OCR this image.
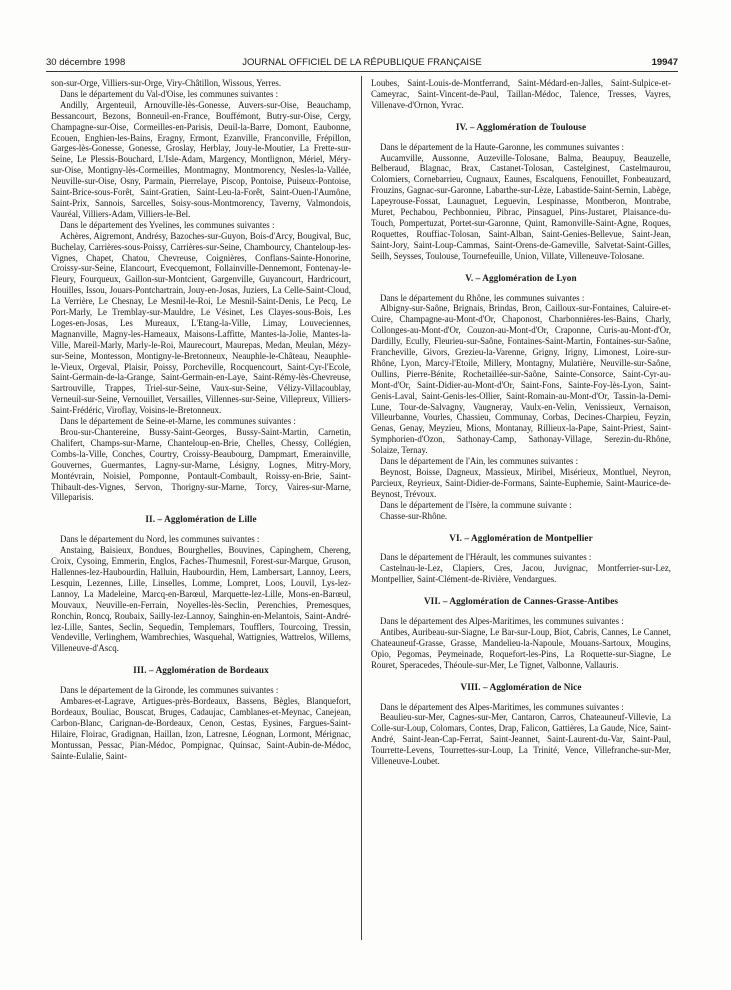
30 décembre 1998	JOURNAL OFFICIEL DE LA RÉPUBLIQUE FRANÇAISE	19947

son-sur-Orge, Villiers-sur-Orge, Viry-Châtillon, Wissous, Yerres.

Dans le département du Val-d'Oise, les communes suivantes :

Andilly, Argenteuil, Arnouville-lès-Gonesse, Auvers-sur-Oise, Beauchamp, Bessancourt, Bezons, Bonneuil-en-France, Bouffémont, Butry-sur-Oise, Cergy, Champagne-sur-Oise, Cormeilles-en-Parisis, Deuil-la-Barre, Domont, Eaubonne, Ecouen, Enghien-les-Bains, Eragny, Ermont, Ezanville, Franconville, Frépillon, Garges-lès-Gonesse, Gonesse, Groslay, Herblay, Jouy-le-Moutier, La Frette-sur-Seine, Le Plessis-Bouchard, L'Isle-Adam, Margency, Montlignon, Mériel, Méry-sur-Oise, Montigny-lès-Cormeilles, Montmagny, Montmorency, Nesles-la-Vallée, Neuville-sur-Oise, Osny, Parmain, Pierrelaye, Piscop, Pontoise, Puiseux-Pontoise, Saint-Brice-sous-Forêt, Saint-Gratien, Saint-Leu-la-Forêt, Saint-Ouen-l'Aumône, Saint-Prix, Sannois, Sarcelles, Soisy-sous-Montmorency, Taverny, Valmondois, Vauréal, Villiers-Adam, Villiers-le-Bel.

Dans le département des Yvelines, les communes suivantes :

Achères, Aigremont, Andrésy, Bazoches-sur-Guyon, Bois-d'Arcy, Bougival, Buc, Buchelay, Carrières-sous-Poissy, Carrières-sur-Seine, Chambourcy, Chanteloup-les-Vignes, Chapet, Chatou, Chevreuse, Coignières, Conflans-Sainte-Honorine, Croissy-sur-Seine, Elancourt, Evecquemont, Follainville-Dennemont, Fontenay-le-Fleury, Fourqueux, Gaillon-sur-Montcient, Gargenville, Guyancourt, Hardricourt, Houilles, Issou, Jouars-Pontchartrain, Jouy-en-Josas, Juziers, La Celle-Saint-Cloud, La Verrière, Le Chesnay, Le Mesnil-le-Roi, Le Mesnil-Saint-Denis, Le Pecq, Le Port-Marly, Le Tremblay-sur-Mauldre, Le Vésinet, Les Clayes-sous-Bois, Les Loges-en-Josas, Les Mureaux, L'Etang-la-Ville, Limay, Louveciennes, Magnanville, Magny-les-Hameaux, Maisons-Laffitte, Mantes-la-Jolie, Mantes-la-Ville, Mareil-Marly, Marly-le-Roi, Maurecourt, Maurepas, Medan, Meulan, Mézy-sur-Seine, Montesson, Montigny-le-Bretonneux, Neauphle-le-Château, Neauphle-le-Vieux, Orgeval, Plaisir, Poissy, Porcheville, Rocquencourt, Saint-Cyr-l'Ecole, Saint-Germain-de-la-Grange, Saint-Germain-en-Laye, Saint-Rémy-lès-Chevreuse, Sartrouville, Trappes, Triel-sur-Seine, Vaux-sur-Seine, Vélizy-Villacoublay, Verneuil-sur-Seine, Vernouillet, Versailles, Villennes-sur-Seine, Villepreux, Villiers-Saint-Frédéric, Viroflay, Voisins-le-Bretonneux.

Dans le département de Seine-et-Marne, les communes suivantes :

Brou-sur-Chantereine, Bussy-Saint-Georges, Bussy-Saint-Martin, Carnetin, Chalifert, Champs-sur-Marne, Chanteloup-en-Brie, Chelles, Chessy, Collégien, Combs-la-Ville, Conches, Courtry, Croissy-Beaubourg, Dampmart, Emerainville, Gouvernes, Guermantes, Lagny-sur-Marne, Lésigny, Lognes, Mitry-Mory, Montévrain, Noisiel, Pomponne, Pontault-Combault, Roissy-en-Brie, Saint-Thibault-des-Vignes, Servon, Thorigny-sur-Marne, Torcy, Vaires-sur-Marne, Villeparisis.

II. – Agglomération de Lille

Dans le département du Nord, les communes suivantes :

Anstaing, Baisieux, Bondues, Bourghelles, Bouvines, Capinghem, Chereng, Croix, Cysoing, Emmerin, Englos, Faches-Thumesnil, Forest-sur-Marque, Gruson, Hallennes-lez-Haubourdin, Halluin, Haubourdin, Hem, Lambersart, Lannoy, Leers, Lesquin, Lezennes, Lille, Linselles, Lomme, Lompret, Loos, Louvil, Lys-lez-Lannoy, La Madeleine, Marcq-en-Barœul, Marquette-lez-Lille, Mons-en-Barœul, Mouvaux, Neuville-en-Ferrain, Noyelles-lès-Seclin, Perenchies, Premesques, Ronchin, Roncq, Roubaix, Sailly-lez-Lannoy, Sainghin-en-Melantois, Saint-André-lez-Lille, Santes, Seclin, Sequedin, Templemars, Toufflers, Tourcoing, Tressin, Vendeville, Verlinghem, Wambrechies, Wasquehal, Wattignies, Wattrelos, Willems, Villeneuve-d'Ascq.

III. – Agglomération de Bordeaux

Dans le département de la Gironde, les communes suivantes :

Ambares-et-Lagrave, Artigues-près-Bordeaux, Bassens, Bègles, Blanquefort, Bordeaux, Bouliac, Bouscat, Bruges, Cadaujac, Camblanes-et-Meynac, Canejean, Carbon-Blanc, Carignan-de-Bordeaux, Cenon, Cestas, Eysines, Fargues-Saint-Hilaire, Floirac, Gradignan, Haillan, Izon, Latresne, Léognan, Lormont, Mérignac, Montussan, Pessac, Pian-Médoc, Pompignac, Quinsac, Saint-Aubin-de-Médoc, Sainte-Eulalie, Saint-

Loubes, Saint-Louis-de-Montferrand, Saint-Médard-en-Jalles, Saint-Sulpice-et-Cameyrac, Saint-Vincent-de-Paul, Taillan-Médoc, Talence, Tresses, Vayres, Villenave-d'Ornon, Yvrac.

IV. – Agglomération de Toulouse

Dans le département de la Haute-Garonne, les communes suivantes :

Aucamville, Aussonne, Auzeville-Tolosane, Balma, Beaupuy, Beauzelle, Belberaud, Blagnac, Brax, Castanet-Tolosan, Castelginest, Castelmaurou, Colomiers, Cornebarrieu, Cugnaux, Eaunes, Escalquens, Fenouillet, Fonbeauzard, Frouzins, Gagnac-sur-Garonne, Labarthe-sur-Lèze, Labastide-Saint-Sernin, Labège, Lapeyrouse-Fossat, Launaguet, Leguevin, Lespinasse, Montberon, Montrabe, Muret, Pechabou, Pechbonnieu, Pibrac, Pinsaguel, Pins-Justaret, Plaisance-du-Touch, Pompertuzat, Portet-sur-Garonne, Quint, Ramonville-Saint-Agne, Roques, Roquettes, Rouffiac-Tolosan, Saint-Alban, Saint-Genies-Bellevue, Saint-Jean, Saint-Jory, Saint-Loup-Cammas, Saint-Orens-de-Gameville, Salvetat-Saint-Gilles, Seilh, Seysses, Toulouse, Tournefeuille, Union, Villate, Villeneuve-Tolosane.

V. – Agglomération de Lyon

Dans le département du Rhône, les communes suivantes :

Albigny-sur-Saône, Brignais, Brindas, Bron, Cailloux-sur-Fontaines, Caluire-et-Cuire, Champagne-au-Mont-d'Or, Chaponost, Charbonnières-les-Bains, Charly, Collonges-au-Mont-d'Or, Couzon-au-Mont-d'Or, Craponne, Curis-au-Mont-d'Or, Dardilly, Ecully, Fleurieu-sur-Saône, Fontaines-Saint-Martin, Fontaines-sur-Saône, Francheville, Givors, Grezieu-la-Varenne, Grigny, Irigny, Limonest, Loire-sur-Rhône, Lyon, Marcy-l'Etoile, Millery, Montagny, Mulatière, Neuville-sur-Saône, Oullins, Pierre-Bénite, Rochetaillée-sur-Saône, Sainte-Consorce, Saint-Cyr-au-Mont-d'Or, Saint-Didier-au-Mont-d'Or, Saint-Fons, Sainte-Foy-lès-Lyon, Saint-Genis-Laval, Saint-Genis-les-Ollier, Saint-Romain-au-Mont-d'Or, Tassin-la-Demi-Lune, Tour-de-Salvagny, Vaugneray, Vaulx-en-Velin, Venissieux, Vernaison, Villeurbanne, Vourles, Chassieu, Communay, Corbas, Decines-Charpieu, Feyzin, Genas, Genay, Meyzieu, Mions, Montanay, Rillieux-la-Pape, Saint-Priest, Saint-Symphorien-d'Ozon, Sathonay-Camp, Sathonay-Village, Serezin-du-Rhône, Solaize, Ternay.

Dans le département de l'Ain, les communes suivantes :

Beynost, Boisse, Dagneux, Massieux, Miribel, Misérieux, Montluel, Neyron, Parcieux, Reyrieux, Saint-Didier-de-Formans, Sainte-Euphemie, Saint-Maurice-de-Beynost, Trévoux.

Dans le département de l'Isère, la commune suivante :

Chasse-sur-Rhône.

VI. – Agglomération de Montpellier

Dans le département de l'Hérault, les communes suivantes :

Castelnau-le-Lez, Clapiers, Cres, Jacou, Juvignac, Montferrier-sur-Lez, Montpellier, Saint-Clément-de-Rivière, Vendargues.

VII. – Agglomération de Cannes-Grasse-Antibes

Dans le département des Alpes-Maritimes, les communes suivantes :

Antibes, Auribeau-sur-Siagne, Le Bar-sur-Loup, Biot, Cabris, Cannes, Le Cannet, Chateauneuf-Grasse, Grasse, Mandelieu-la-Napoule, Mouans-Sartoux, Mougins, Opio, Pegomas, Peymeinade, Roquefort-les-Pins, La Roquette-sur-Siagne, Le Rouret, Speracedes, Théoule-sur-Mer, Le Tignet, Valbonne, Vallauris.

VIII. – Agglomération de Nice

Dans le département des Alpes-Maritimes, les communes suivantes :

Beaulieu-sur-Mer, Cagnes-sur-Mer, Cantaron, Carros, Chateauneuf-Villevie, La Colle-sur-Loup, Colomars, Contes, Drap, Falicon, Gattières, La Gaude, Nice, Saint-André, Saint-Jean-Cap-Ferrat, Saint-Jeannet, Saint-Laurent-du-Var, Saint-Paul, Tourrette-Levens, Tourrettes-sur-Loup, La Trinité, Vence, Villefranche-sur-Mer, Villeneuve-Loubet.
